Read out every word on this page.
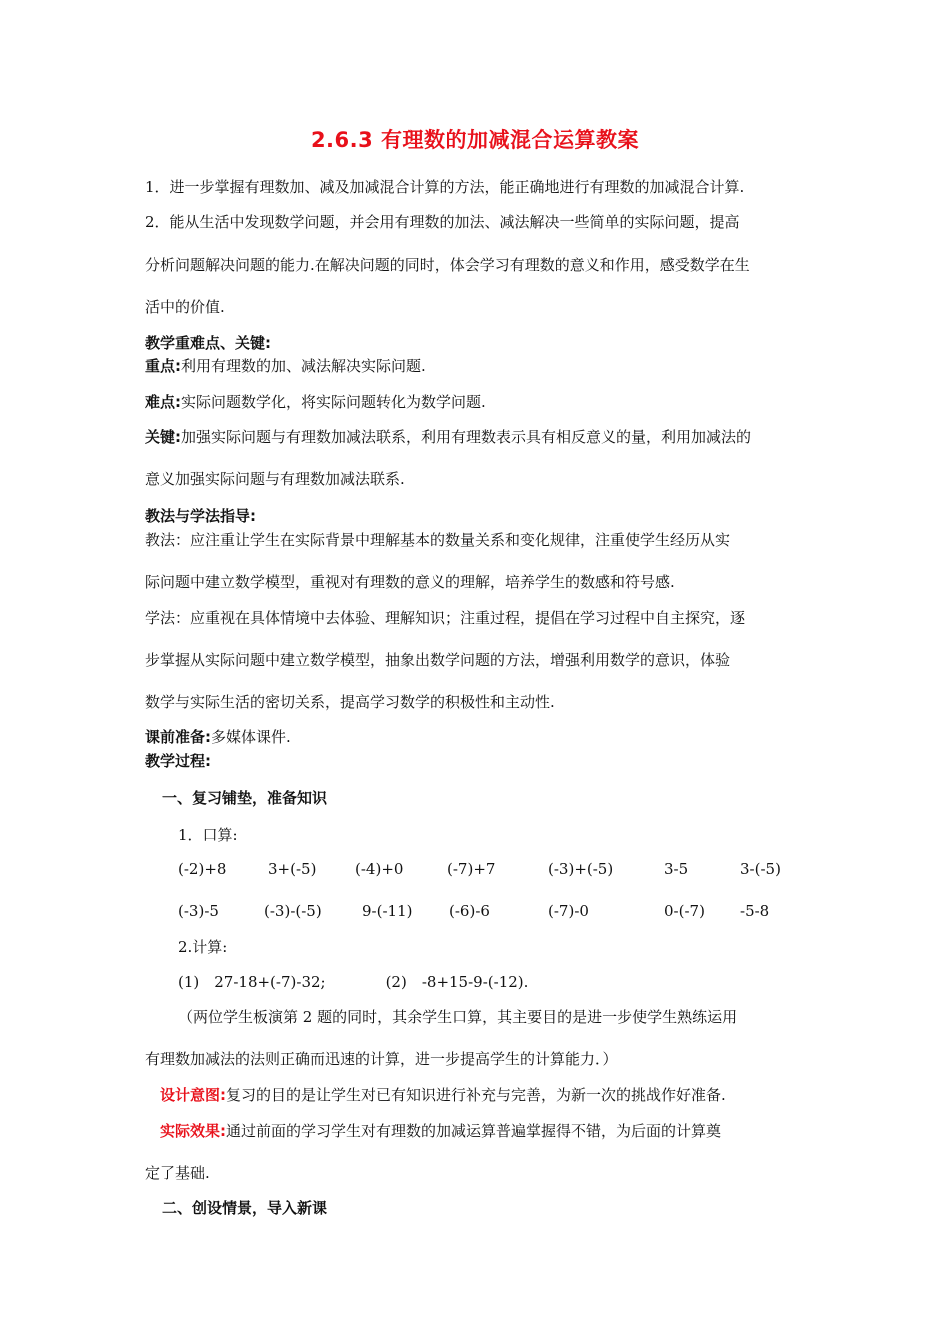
2.6.3 有理数的加减混合运算教案
1．进一步掌握有理数加、减及加减混合计算的方法，能正确地进行有理数的加减混合计算.
2．能从生活中发现数学问题，并会用有理数的加法、减法解决一些简单的实际问题，提高
分析问题解决问题的能力.在解决问题的同时，体会学习有理数的意义和作用，感受数学在生
活中的价值.
教学重难点、关键:
重点:利用有理数的加、减法解决实际问题.
难点:实际问题数学化，将实际问题转化为数学问题.
关键:加强实际问题与有理数加减法联系，利用有理数表示具有相反意义的量，利用加减法的
意义加强实际问题与有理数加减法联系.
教法与学法指导:
教法：应注重让学生在实际背景中理解基本的数量关系和变化规律，注重使学生经历从实
际问题中建立数学模型，重视对有理数的意义的理解，培养学生的数感和符号感.
学法：应重视在具体情境中去体验、理解知识；注重过程，提倡在学习过程中自主探究，逐
步掌握从实际问题中建立数学模型，抽象出数学问题的方法，增强利用数学的意识，体验
数学与实际生活的密切关系，提高学习数学的积极性和主动性.
课前准备:多媒体课件.
教学过程:
一、复习铺垫，准备知识
1．口算:
(-2)+8	3+(-5)	(-4)+0	(-7)+7	(-3)+(-5)	3-5	3-(-5)
(-3)-5	(-3)-(-5)	9-(-11) (-6)-6	(-7)-0	0-(-7) -5-8
2.计算:
(1)　27-18+(-7)-32;　　　　(2)　-8+15-9-(-12).
（两位学生板演第 2 题的同时，其余学生口算，其主要目的是进一步使学生熟练运用
有理数加减法的法则正确而迅速的计算，进一步提高学生的计算能力．）
设计意图:复习的目的是让学生对已有知识进行补充与完善，为新一次的挑战作好准备.
实际效果:通过前面的学习学生对有理数的加减运算普遍掌握得不错，为后面的计算奠
定了基础.
二、创设情景，导入新课
